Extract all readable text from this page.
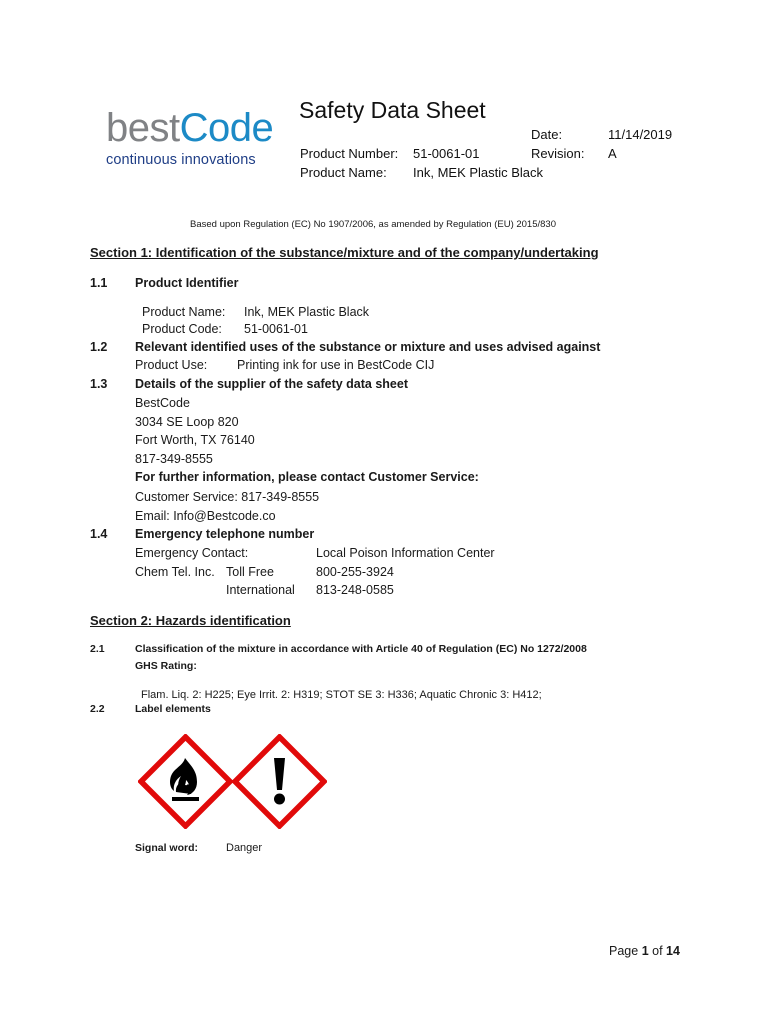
bestCode
continuous innovations
Safety Data Sheet
Date:	11/14/2019
Product Number: 51-0061-01	Revision: A
Product Name: Ink, MEK Plastic Black
Based upon Regulation (EC) No 1907/2006, as amended by Regulation (EU) 2015/830
Section 1: Identification of the substance/mixture and of the company/undertaking
1.1 Product Identifier
Product Name: Ink, MEK Plastic Black
Product Code: 51-0061-01
1.2 Relevant identified uses of the substance or mixture and uses advised against
Product Use: Printing ink for use in BestCode CIJ
1.3 Details of the supplier of the safety data sheet
BestCode
3034 SE Loop 820
Fort Worth, TX 76140
817-349-8555
For further information, please contact Customer Service:
Customer Service: 817-349-8555
Email: Info@Bestcode.co
1.4 Emergency telephone number
Emergency Contact:	Local Poison Information Center
Chem Tel. Inc. Toll Free	800-255-3924
International 813-248-0585
Section 2: Hazards identification
2.1	Classification of the mixture in accordance with Article 40 of Regulation (EC) No 1272/2008
GHS Rating:
Flam. Liq. 2: H225; Eye Irrit. 2: H319; STOT SE 3: H336; Aquatic Chronic 3: H412;
2.2	Label elements
Signal word:	Danger
Page 1 of 14
